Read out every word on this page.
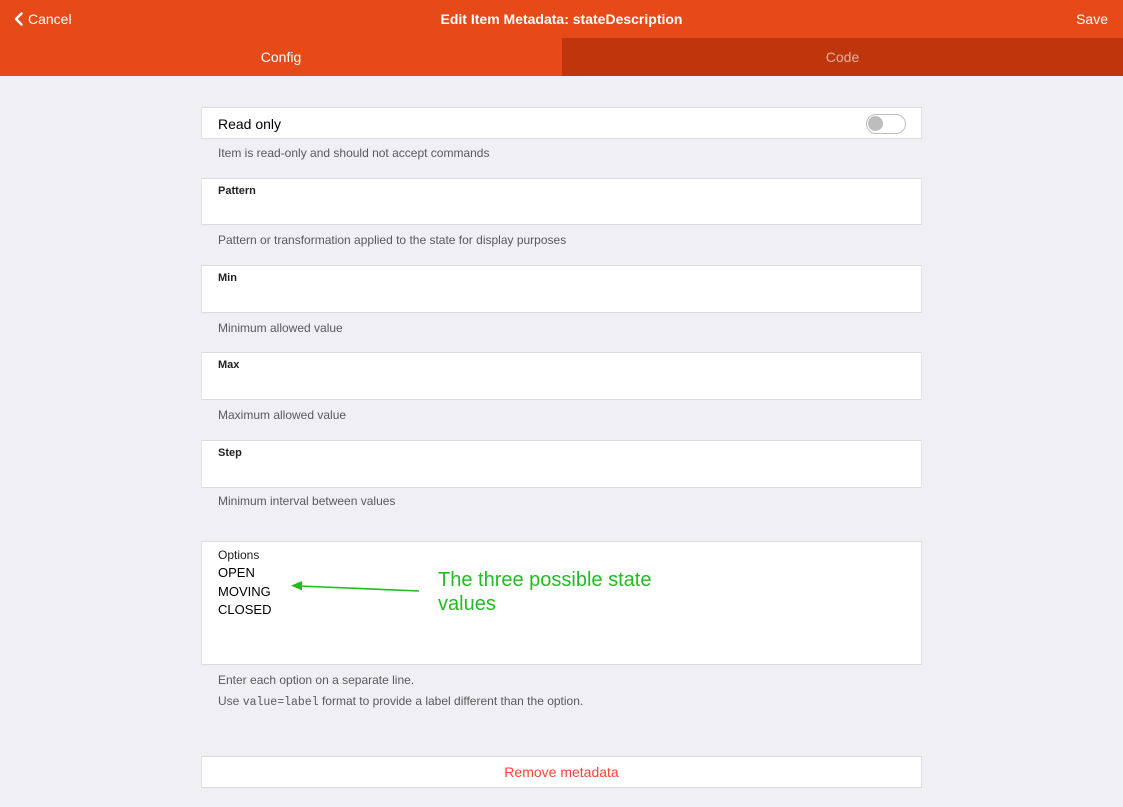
Cancel	Edit Item Metadata: stateDescription	Save
Config	Code
Read only
Item is read-only and should not accept commands
Pattern
Pattern or transformation applied to the state for display purposes
Min
Minimum allowed value
Max
Maximum allowed value
Step
Minimum interval between values
Options
OPEN
MOVING
CLOSED
The three possible state values
Enter each option on a separate line.
Use value=label format to provide a label different than the option.
Remove metadata
